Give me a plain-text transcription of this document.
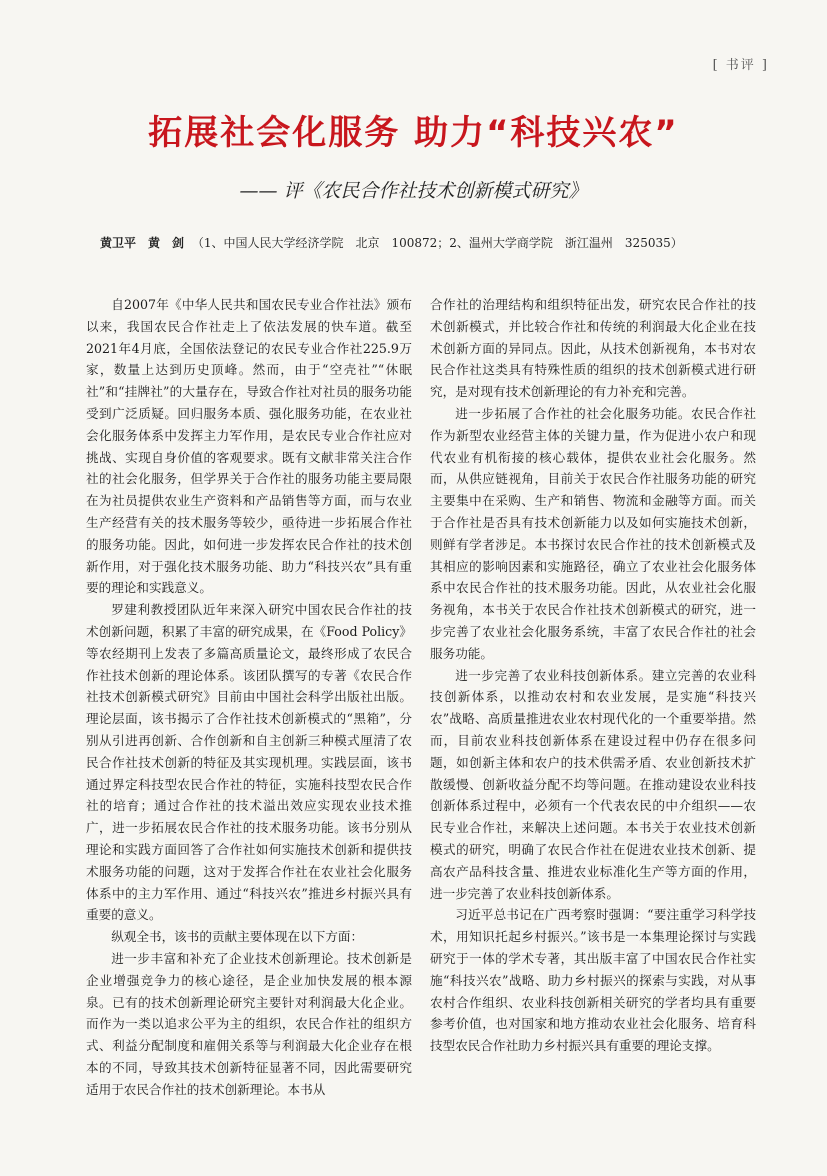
[ 书评 ]
拓展社会化服务 助力“科技兴农”
—— 评《农民合作社技术创新模式研究》
黄卫平　黄　剑 （1、中国人民大学经济学院　北京　100872；2、温州大学商学院　浙江温州　325035）

自2007年《中华人民共和国农民专业合作社法》颁布以来，我国农民合作社走上了依法发展的快车道。截至2021年4月底，全国依法登记的农民专业合作社225.9万家，数量上达到历史顶峰。然而，由于“空壳社”“休眠社”和“挂牌社”的大量存在，导致合作社对社员的服务功能受到广泛质疑。回归服务本质、强化服务功能，在农业社会化服务体系中发挥主力军作用，是农民专业合作社应对挑战、实现自身价值的客观要求。既有文献非常关注合作社的社会化服务，但学界关于合作社的服务功能主要局限在为社员提供农业生产资料和产品销售等方面，而与农业生产经营有关的技术服务等较少，亟待进一步拓展合作社的服务功能。因此，如何进一步发挥农民合作社的技术创新作用，对于强化技术服务功能、助力“科技兴农”具有重要的理论和实践意义。

罗建利教授团队近年来深入研究中国农民合作社的技术创新问题，积累了丰富的研究成果，在《Food Policy》等农经期刊上发表了多篇高质量论文，最终形成了农民合作社技术创新的理论体系。该团队撰写的专著《农民合作社技术创新模式研究》目前由中国社会科学出版社出版。理论层面，该书揭示了合作社技术创新模式的“黑箱”，分别从引进再创新、合作创新和自主创新三种模式厘清了农民合作社技术创新的特征及其实现机理。实践层面，该书通过界定科技型农民合作社的特征，实施科技型农民合作社的培育；通过合作社的技术溢出效应实现农业技术推广，进一步拓展农民合作社的技术服务功能。该书分别从理论和实践方面回答了合作社如何实施技术创新和提供技术服务功能的问题，这对于发挥合作社在农业社会化服务体系中的主力军作用、通过“科技兴农”推进乡村振兴具有重要的意义。

纵观全书，该书的贡献主要体现在以下方面：

进一步丰富和补充了企业技术创新理论。技术创新是企业增强竞争力的核心途径，是企业加快发展的根本源泉。已有的技术创新理论研究主要针对利润最大化企业。而作为一类以追求公平为主的组织，农民合作社的组织方式、利益分配制度和雇佣关系等与利润最大化企业存在根本的不同，导致其技术创新特征显著不同，因此需要研究适用于农民合作社的技术创新理论。本书从

合作社的治理结构和组织特征出发，研究农民合作社的技术创新模式，并比较合作社和传统的利润最大化企业在技术创新方面的异同点。因此，从技术创新视角，本书对农民合作社这类具有特殊性质的组织的技术创新模式进行研究，是对现有技术创新理论的有力补充和完善。

进一步拓展了合作社的社会化服务功能。农民合作社作为新型农业经营主体的关键力量，作为促进小农户和现代农业有机衔接的核心载体，提供农业社会化服务。然而，从供应链视角，目前关于农民合作社服务功能的研究主要集中在采购、生产和销售、物流和金融等方面。而关于合作社是否具有技术创新能力以及如何实施技术创新，则鲜有学者涉足。本书探讨农民合作社的技术创新模式及其相应的影响因素和实施路径，确立了农业社会化服务体系中农民合作社的技术服务功能。因此，从农业社会化服务视角，本书关于农民合作社技术创新模式的研究，进一步完善了农业社会化服务系统，丰富了农民合作社的社会服务功能。

进一步完善了农业科技创新体系。建立完善的农业科技创新体系，以推动农村和农业发展，是实施“科技兴农”战略、高质量推进农业农村现代化的一个重要举措。然而，目前农业科技创新体系在建设过程中仍存在很多问题，如创新主体和农户的技术供需矛盾、农业创新技术扩散缓慢、创新收益分配不均等问题。在推动建设农业科技创新体系过程中，必须有一个代表农民的中介组织——农民专业合作社，来解决上述问题。本书关于农业技术创新模式的研究，明确了农民合作社在促进农业技术创新、提高农产品科技含量、推进农业标准化生产等方面的作用，进一步完善了农业科技创新体系。

习近平总书记在广西考察时强调：“要注重学习科学技术，用知识托起乡村振兴。”该书是一本集理论探讨与实践研究于一体的学术专著，其出版丰富了中国农民合作社实施“科技兴农”战略、助力乡村振兴的探索与实践，对从事农村合作组织、农业科技创新相关研究的学者均具有重要参考价值，也对国家和地方推动农业社会化服务、培育科技型农民合作社助力乡村振兴具有重要的理论支撑。
